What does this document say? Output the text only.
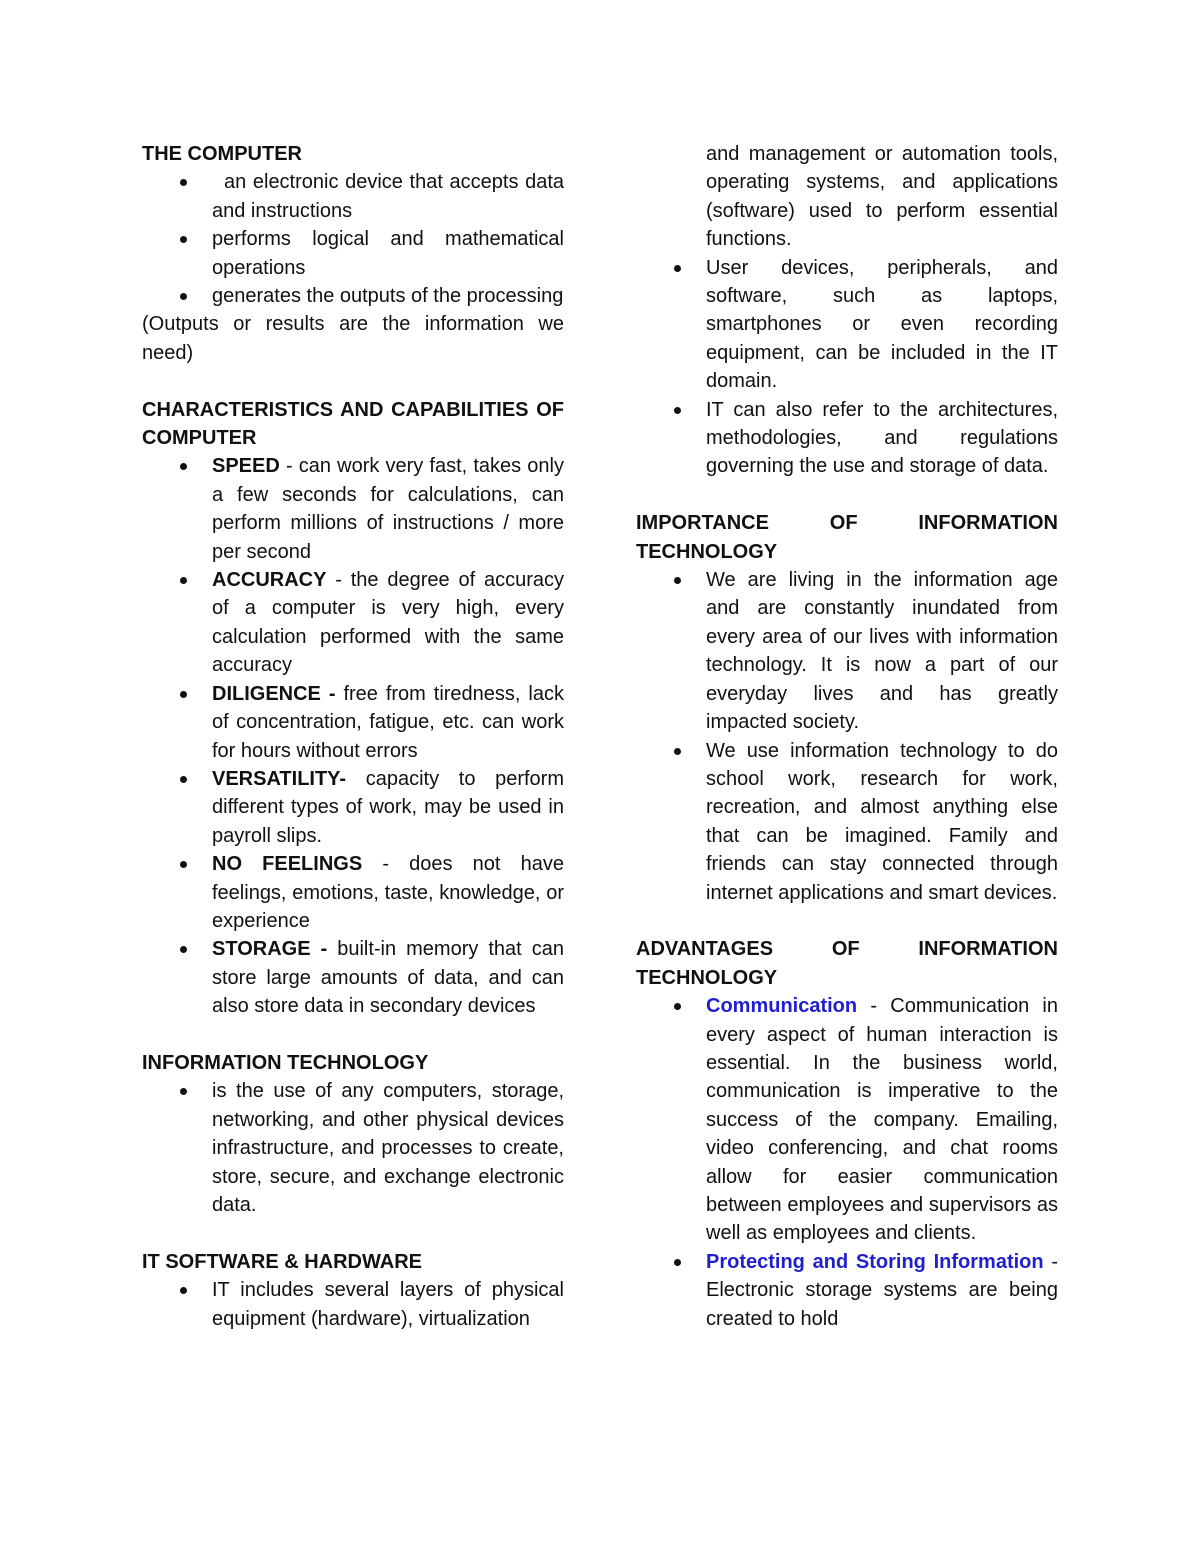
THE COMPUTER
an electronic device that accepts data and instructions
performs logical and mathematical operations
generates the outputs of the processing
(Outputs or results are the information we need)
CHARACTERISTICS AND CAPABILITIES OF COMPUTER
SPEED - can work very fast, takes only a few seconds for calculations, can perform millions of instructions / more per second
ACCURACY - the degree of accuracy of a computer is very high, every calculation performed with the same accuracy
DILIGENCE - free from tiredness, lack of concentration, fatigue, etc. can work for hours without errors
VERSATILITY- capacity to perform different types of work, may be used in payroll slips.
NO FEELINGS - does not have feelings, emotions, taste, knowledge, or experience
STORAGE - built-in memory that can store large amounts of data, and can also store data in secondary devices
INFORMATION TECHNOLOGY
is the use of any computers, storage, networking, and other physical devices infrastructure, and processes to create, store, secure, and exchange electronic data.
IT SOFTWARE & HARDWARE
IT includes several layers of physical equipment (hardware), virtualization
and management or automation tools, operating systems, and applications (software) used to perform essential functions.
User devices, peripherals, and software, such as laptops, smartphones or even recording equipment, can be included in the IT domain.
IT can also refer to the architectures, methodologies, and regulations governing the use and storage of data.
IMPORTANCE OF INFORMATION TECHNOLOGY
We are living in the information age and are constantly inundated from every area of our lives with information technology. It is now a part of our everyday lives and has greatly impacted society.
We use information technology to do school work, research for work, recreation, and almost anything else that can be imagined. Family and friends can stay connected through internet applications and smart devices.
ADVANTAGES OF INFORMATION TECHNOLOGY
Communication - Communication in every aspect of human interaction is essential. In the business world, communication is imperative to the success of the company. Emailing, video conferencing, and chat rooms allow for easier communication between employees and supervisors as well as employees and clients.
Protecting and Storing Information - Electronic storage systems are being created to hold
